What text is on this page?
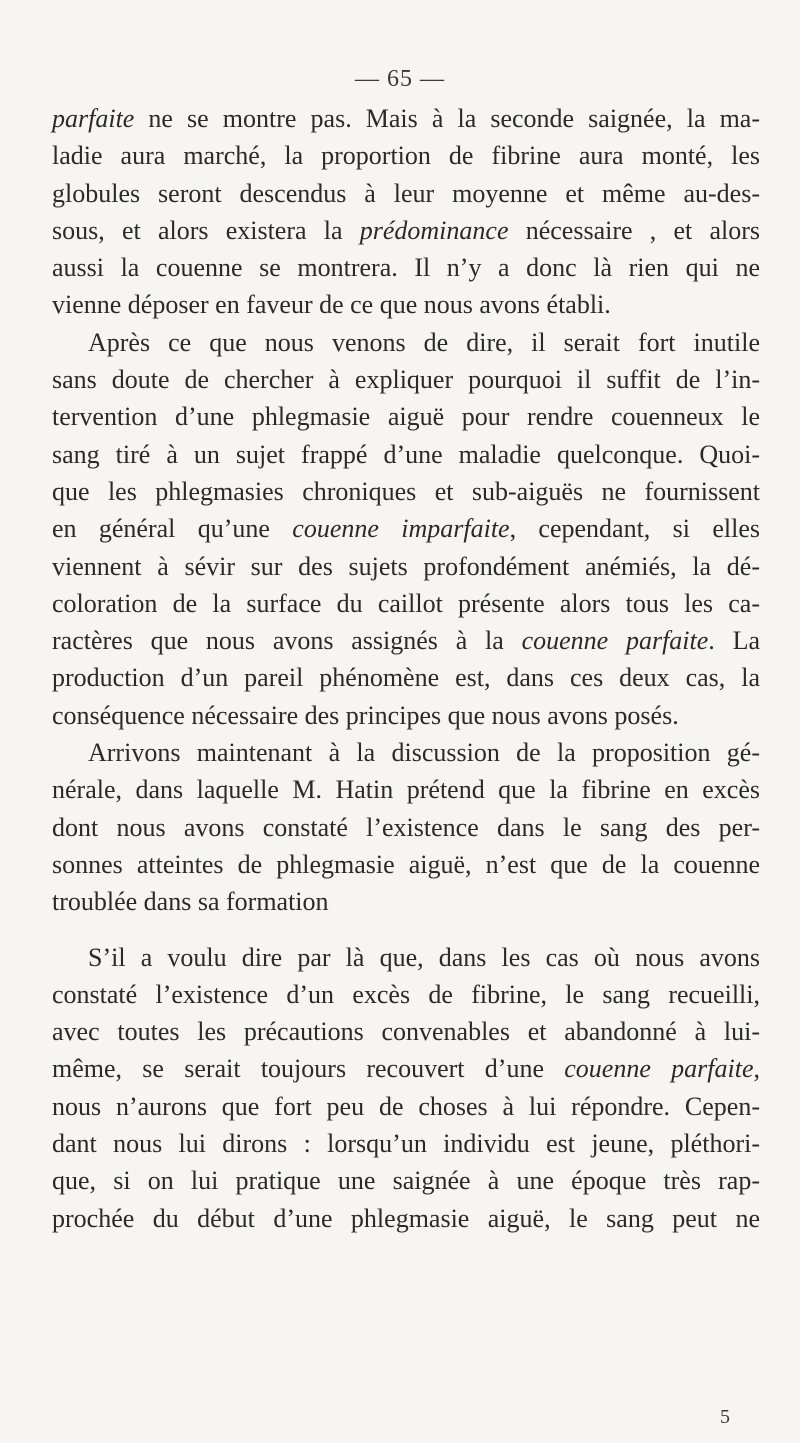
— 65 —
parfaite ne se montre pas. Mais à la seconde saignée, la ma-
ladie aura marché, la proportion de fibrine aura monté, les
globules seront descendus à leur moyenne et même au-des-
sous, et alors existera la prédominance nécessaire , et alors
aussi la couenne se montrera. Il n’y a donc là rien qui ne
vienne déposer en faveur de ce que nous avons établi.
Après ce que nous venons de dire, il serait fort inutile
sans doute de chercher à expliquer pourquoi il suffit de l’in-
tervention d’une phlegmasie aiguë pour rendre couenneux le
sang tiré à un sujet frappé d’une maladie quelconque. Quoi-
que les phlegmasies chroniques et sub-aiguës ne fournissent
en général qu’une couenne imparfaite, cependant, si elles
viennent à sévir sur des sujets profondément anémiés, la dé-
coloration de la surface du caillot présente alors tous les ca-
ractères que nous avons assignés à la couenne parfaite. La
production d’un pareil phénomène est, dans ces deux cas, la
conséquence nécessaire des principes que nous avons posés.
Arrivons maintenant à la discussion de la proposition gé-
nérale, dans laquelle M. Hatin prétend que la fibrine en excès
dont nous avons constaté l’existence dans le sang des per-
sonnes atteintes de phlegmasie aiguë, n’est que de la couenne
troublée dans sa formation
S’il a voulu dire par là que, dans les cas où nous avons
constaté l’existence d’un excès de fibrine, le sang recueilli,
avec toutes les précautions convenables et abandonné à lui-
même, se serait toujours recouvert d’une couenne parfaite,
nous n’aurons que fort peu de choses à lui répondre. Cepen-
dant nous lui dirons : lorsqu’un individu est jeune, pléthori-
que, si on lui pratique une saignée à une époque très rap-
prochée du début d’une phlegmasie aiguë, le sang peut ne
5
